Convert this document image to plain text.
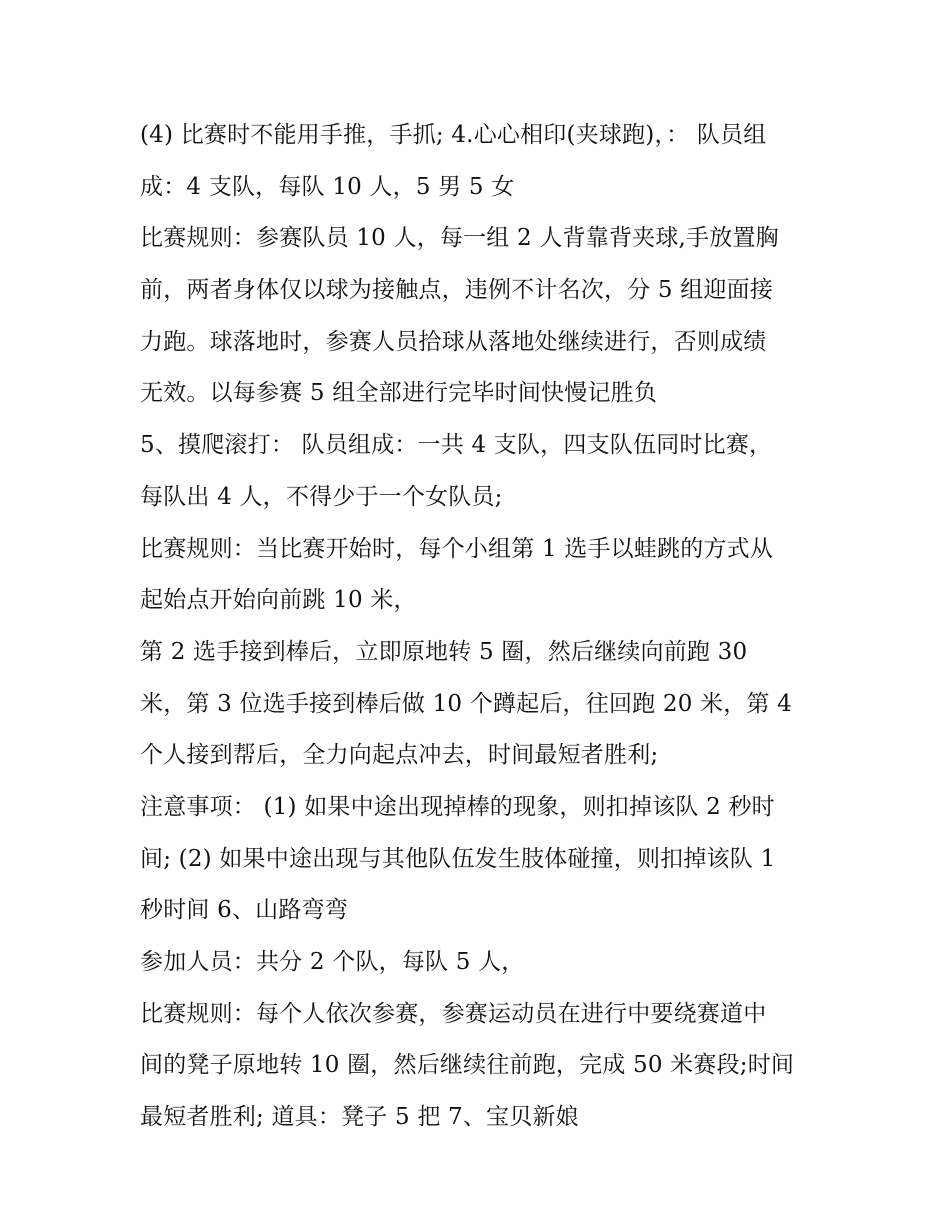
(4) 比赛时不能用手推，手抓; 4.心心相印(夹球跑)，： 队员组
成：4 支队，每队 10 人，5 男 5 女
比赛规则：参赛队员 10 人，每一组 2 人背靠背夹球,手放置胸
前，两者身体仅以球为接触点，违例不计名次，分 5 组迎面接
力跑。球落地时，参赛人员拾球从落地处继续进行，否则成绩
无效。以每参赛 5 组全部进行完毕时间快慢记胜负
5、摸爬滚打： 队员组成：一共 4 支队，四支队伍同时比赛，
每队出 4 人，不得少于一个女队员;
比赛规则：当比赛开始时，每个小组第 1 选手以蛙跳的方式从
起始点开始向前跳 10 米，
第 2 选手接到棒后，立即原地转 5 圈，然后继续向前跑 30
米，第 3 位选手接到棒后做 10 个蹲起后，往回跑 20 米，第 4
个人接到帮后，全力向起点冲去，时间最短者胜利;
注意事项： (1) 如果中途出现掉棒的现象，则扣掉该队 2 秒时
间; (2) 如果中途出现与其他队伍发生肢体碰撞，则扣掉该队 1
秒时间 6、山路弯弯
参加人员：共分 2 个队，每队 5 人，
比赛规则：每个人依次参赛，参赛运动员在进行中要绕赛道中
间的凳子原地转 10 圈，然后继续往前跑，完成 50 米赛段;时间
最短者胜利; 道具：凳子 5 把 7、宝贝新娘
